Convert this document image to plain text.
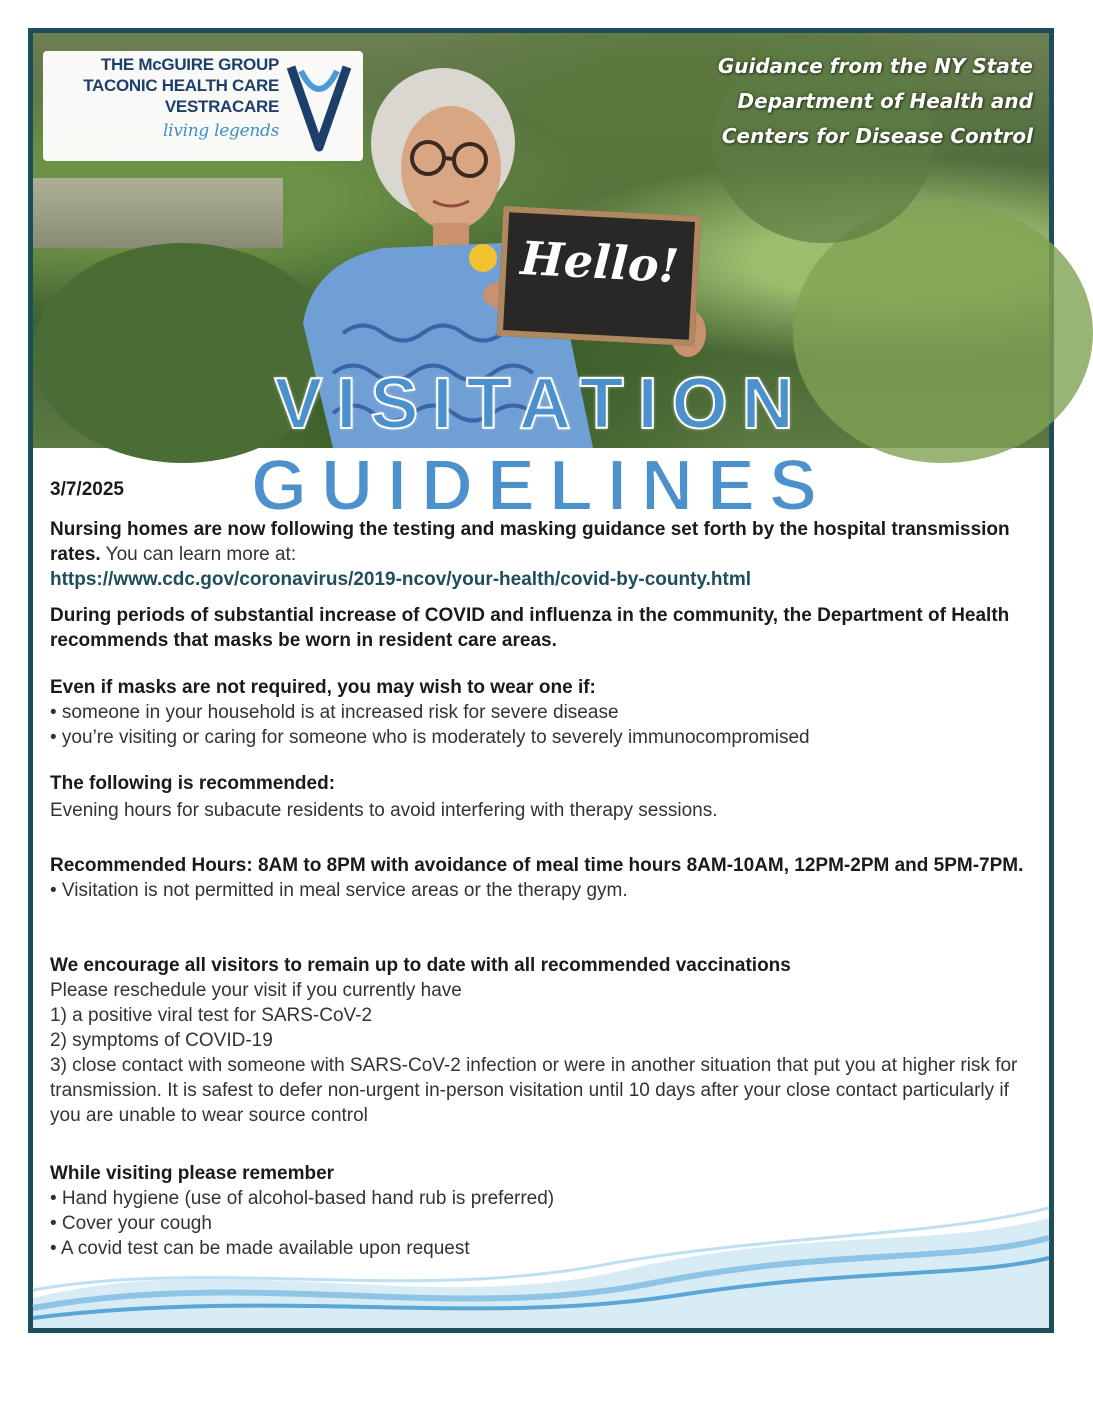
Hello!
THE McGUIRE GROUP
TACONIC HEALTH CARE
VESTRACARE
living legends
Guidance from the NY State
Department of Health and
Centers for Disease Control
VISITATION GUIDELINES
3/7/2025
Nursing homes are now following the testing and masking guidance set forth by the hospital transmission rates. You can learn more at:
https://www.cdc.gov/coronavirus/2019-ncov/your-health/covid-by-county.html
During periods of substantial increase of COVID and influenza in the community, the Department of Health recommends that masks be worn in resident care areas.
Even if masks are not required, you may wish to wear one if:
• someone in your household is at increased risk for severe disease
• you’re visiting or caring for someone who is moderately to severely immunocompromised
The following is recommended:
Evening hours for subacute residents to avoid interfering with therapy sessions.
Recommended Hours: 8AM to 8PM with avoidance of meal time hours 8AM-10AM, 12PM-2PM and 5PM-7PM.
• Visitation is not permitted in meal service areas or the therapy gym.
We encourage all visitors to remain up to date with all recommended vaccinations
Please reschedule your visit if you currently have
1) a positive viral test for SARS-CoV-2
2) symptoms of COVID-19
3) close contact with someone with SARS-CoV-2 infection or were in another situation that put you at higher risk for transmission. It is safest to defer non-urgent in-person visitation until 10 days after your close contact particularly if you are unable to wear source control
While visiting please remember
• Hand hygiene (use of alcohol-based hand rub is preferred)
• Cover your cough
• A covid test can be made available upon request
